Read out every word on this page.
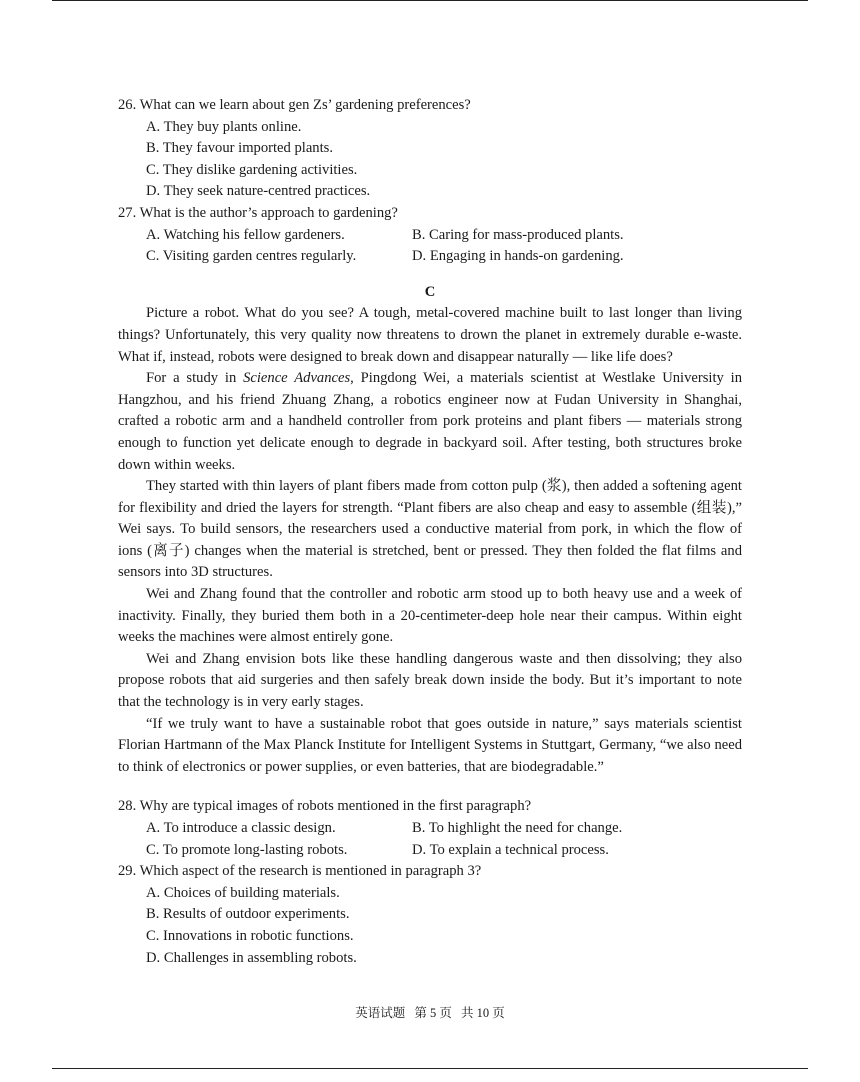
26. What can we learn about gen Zs’ gardening preferences?

A. They buy plants online.

B. They favour imported plants.

C. They dislike gardening activities.

D. They seek nature-centred practices.

27. What is the author’s approach to gardening?

A. Watching his fellow gardeners.	B. Caring for mass-produced plants.

C. Visiting garden centres regularly.	D. Engaging in hands-on gardening.

C

Picture a robot. What do you see? A tough, metal-covered machine built to last longer than living things? Unfortunately, this very quality now threatens to drown the planet in extremely durable e-waste. What if, instead, robots were designed to break down and disappear naturally — like life does?

For a study in Science Advances, Pingdong Wei, a materials scientist at Westlake University in Hangzhou, and his friend Zhuang Zhang, a robotics engineer now at Fudan University in Shanghai, crafted a robotic arm and a handheld controller from pork proteins and plant fibers — materials strong enough to function yet delicate enough to degrade in backyard soil. After testing, both structures broke down within weeks.

They started with thin layers of plant fibers made from cotton pulp (浆), then added a softening agent for flexibility and dried the layers for strength. “Plant fibers are also cheap and easy to assemble (组装),” Wei says. To build sensors, the researchers used a conductive material from pork, in which the flow of ions (离子) changes when the material is stretched, bent or pressed. They then folded the flat films and sensors into 3D structures.

Wei and Zhang found that the controller and robotic arm stood up to both heavy use and a week of inactivity. Finally, they buried them both in a 20-centimeter-deep hole near their campus. Within eight weeks the machines were almost entirely gone.

Wei and Zhang envision bots like these handling dangerous waste and then dissolving; they also propose robots that aid surgeries and then safely break down inside the body. But it’s important to note that the technology is in very early stages.

“If we truly want to have a sustainable robot that goes outside in nature,” says materials scientist Florian Hartmann of the Max Planck Institute for Intelligent Systems in Stuttgart, Germany, “we also need to think of electronics or power supplies, or even batteries, that are biodegradable.”

28. Why are typical images of robots mentioned in the first paragraph?

A. To introduce a classic design.	B. To highlight the need for change.

C. To promote long-lasting robots.	D. To explain a technical process.

29. Which aspect of the research is mentioned in paragraph 3?

A. Choices of building materials.

B. Results of outdoor experiments.

C. Innovations in robotic functions.

D. Challenges in assembling robots.

英语试题 第 5 页 共 10 页
